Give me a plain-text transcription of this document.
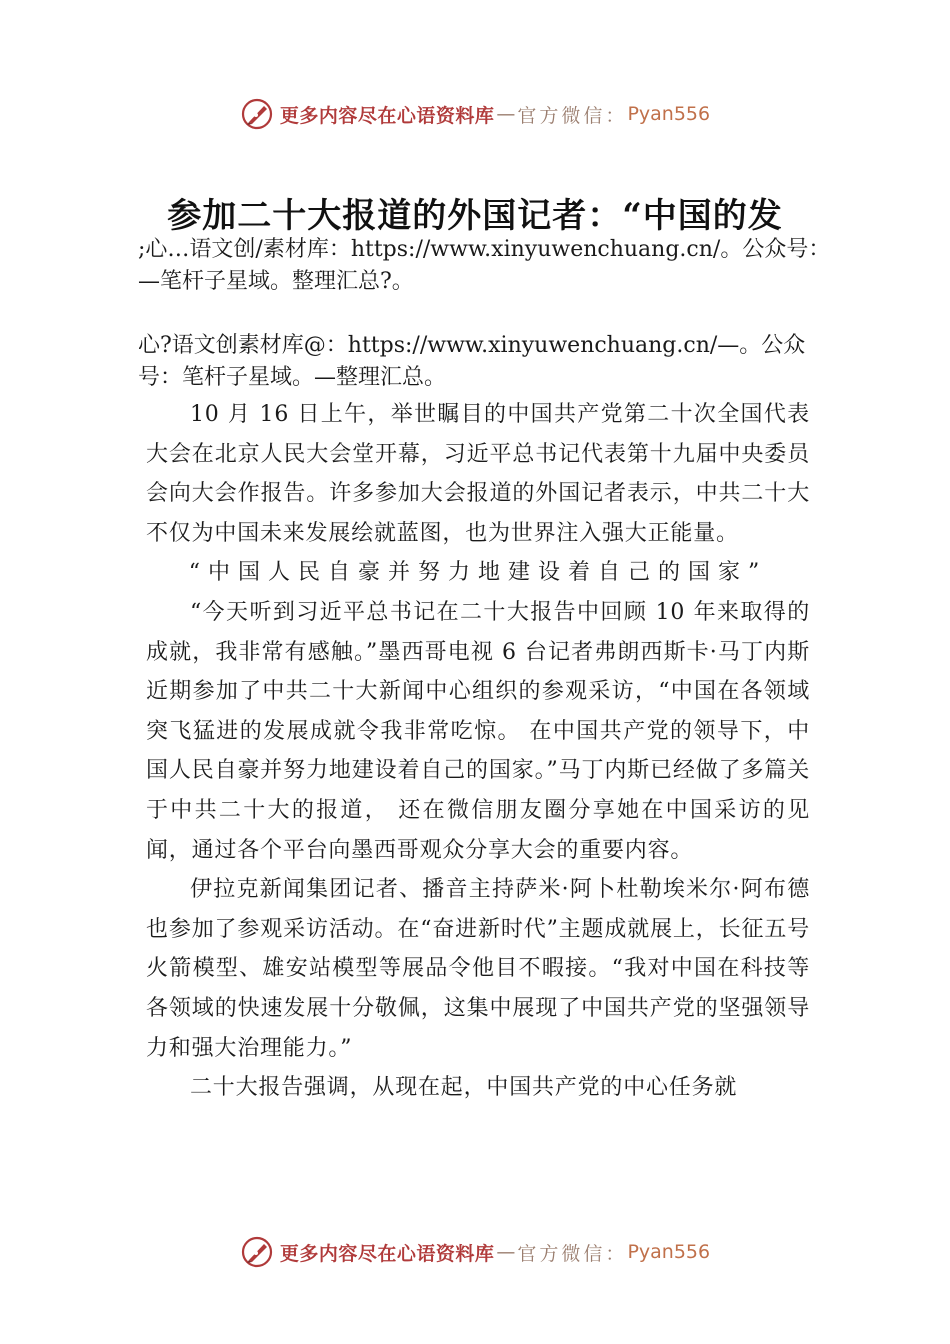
更多内容尽在心语资料库 — 官方微信： Pyan556
参加二十大报道的外国记者：“中国的发
;心…语文创/素材库：https://www.xinyuwenchuang.cn/。公众号：—笔杆子星域。整理汇总?。
心?语文创素材库@：https://www.xinyuwenchuang.cn/—。公众号：笔杆子星域。—整理汇总。

10 月 16 日上午，举世瞩目的中国共产党第二十次全国代表大会在北京人民大会堂开幕，习近平总书记代表第十九届中央委员会向大会作报告。许多参加大会报道的外国记者表示，中共二十大不仅为中国未来发展绘就蓝图，也为世界注入强大正能量。

“中国人民自豪并努力地建设着自己的国家”

“今天听到习近平总书记在二十大报告中回顾 10 年来取得的成就，我非常有感触。”墨西哥电视 6 台记者弗朗西斯卡·马丁内斯近期参加了中共二十大新闻中心组织的参观采访，“中国在各领域突飞猛进的发展成就令我非常吃惊。 在中国共产党的领导下，中国人民自豪并努力地建设着自己的国家。”马丁内斯已经做了多篇关于中共二十大的报道， 还在微信朋友圈分享她在中国采访的见闻，通过各个平台向墨西哥观众分享大会的重要内容。

伊拉克新闻集团记者、播音主持萨米·阿卜杜勒埃米尔·阿布德也参加了参观采访活动。在“奋进新时代”主题成就展上，长征五号火箭模型、雄安站模型等展品令他目不暇接。“我对中国在科技等各领域的快速发展十分敬佩，这集中展现了中国共产党的坚强领导力和强大治理能力。”

二十大报告强调，从现在起，中国共产党的中心任务就

更多内容尽在心语资料库 — 官方微信： Pyan556
